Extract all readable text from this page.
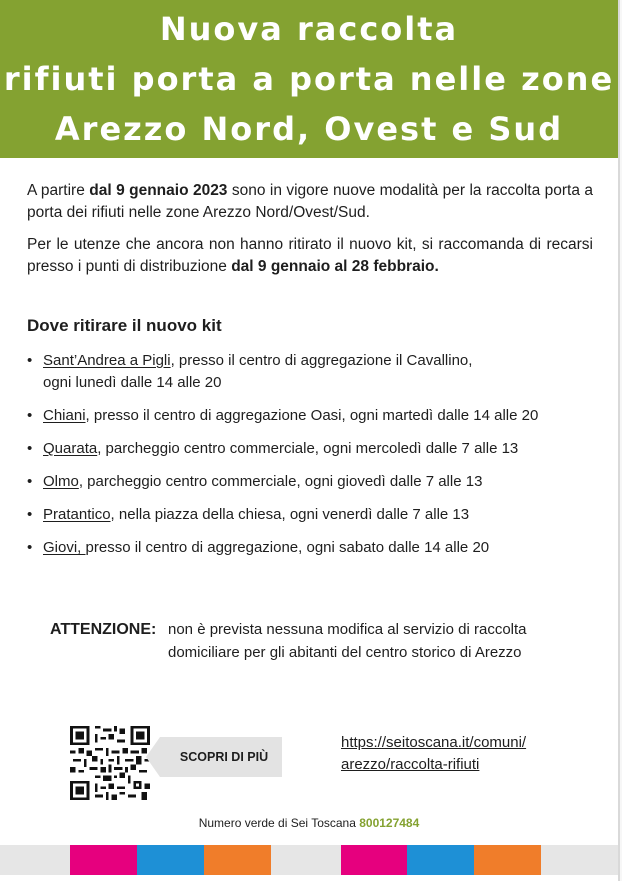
Nuova raccolta
rifiuti porta a porta nelle zone
Arezzo Nord, Ovest e Sud

A partire dal 9 gennaio 2023 sono in vigore nuove modalità per la raccolta porta a porta dei rifiuti nelle zone Arezzo Nord/Ovest/Sud.

Per le utenze che ancora non hanno ritirato il nuovo kit, si raccomanda di recarsi presso i punti di distribuzione dal 9 gennaio al 28 febbraio.

Dove ritirare il nuovo kit
• Sant’Andrea a Pigli, presso il centro di aggregazione il Cavallino,
ogni lunedì dalle 14 alle 20
• Chiani, presso il centro di aggregazione Oasi, ogni martedì dalle 14 alle 20
• Quarata, parcheggio centro commerciale, ogni mercoledì dalle 7 alle 13
• Olmo, parcheggio centro commerciale, ogni giovedì dalle 7 alle 13
• Pratantico, nella piazza della chiesa, ogni venerdì dalle 7 alle 13
• Giovi, presso il centro di aggregazione, ogni sabato dalle 14 alle 20
ATTENZIONE: non è prevista nessuna modifica al servizio di raccolta domiciliare per gli abitanti del centro storico di Arezzo
SCOPRI DI PIÙ
https://seitoscana.it/comuni/
arezzo/raccolta-rifiuti
Numero verde di Sei Toscana 800127484
